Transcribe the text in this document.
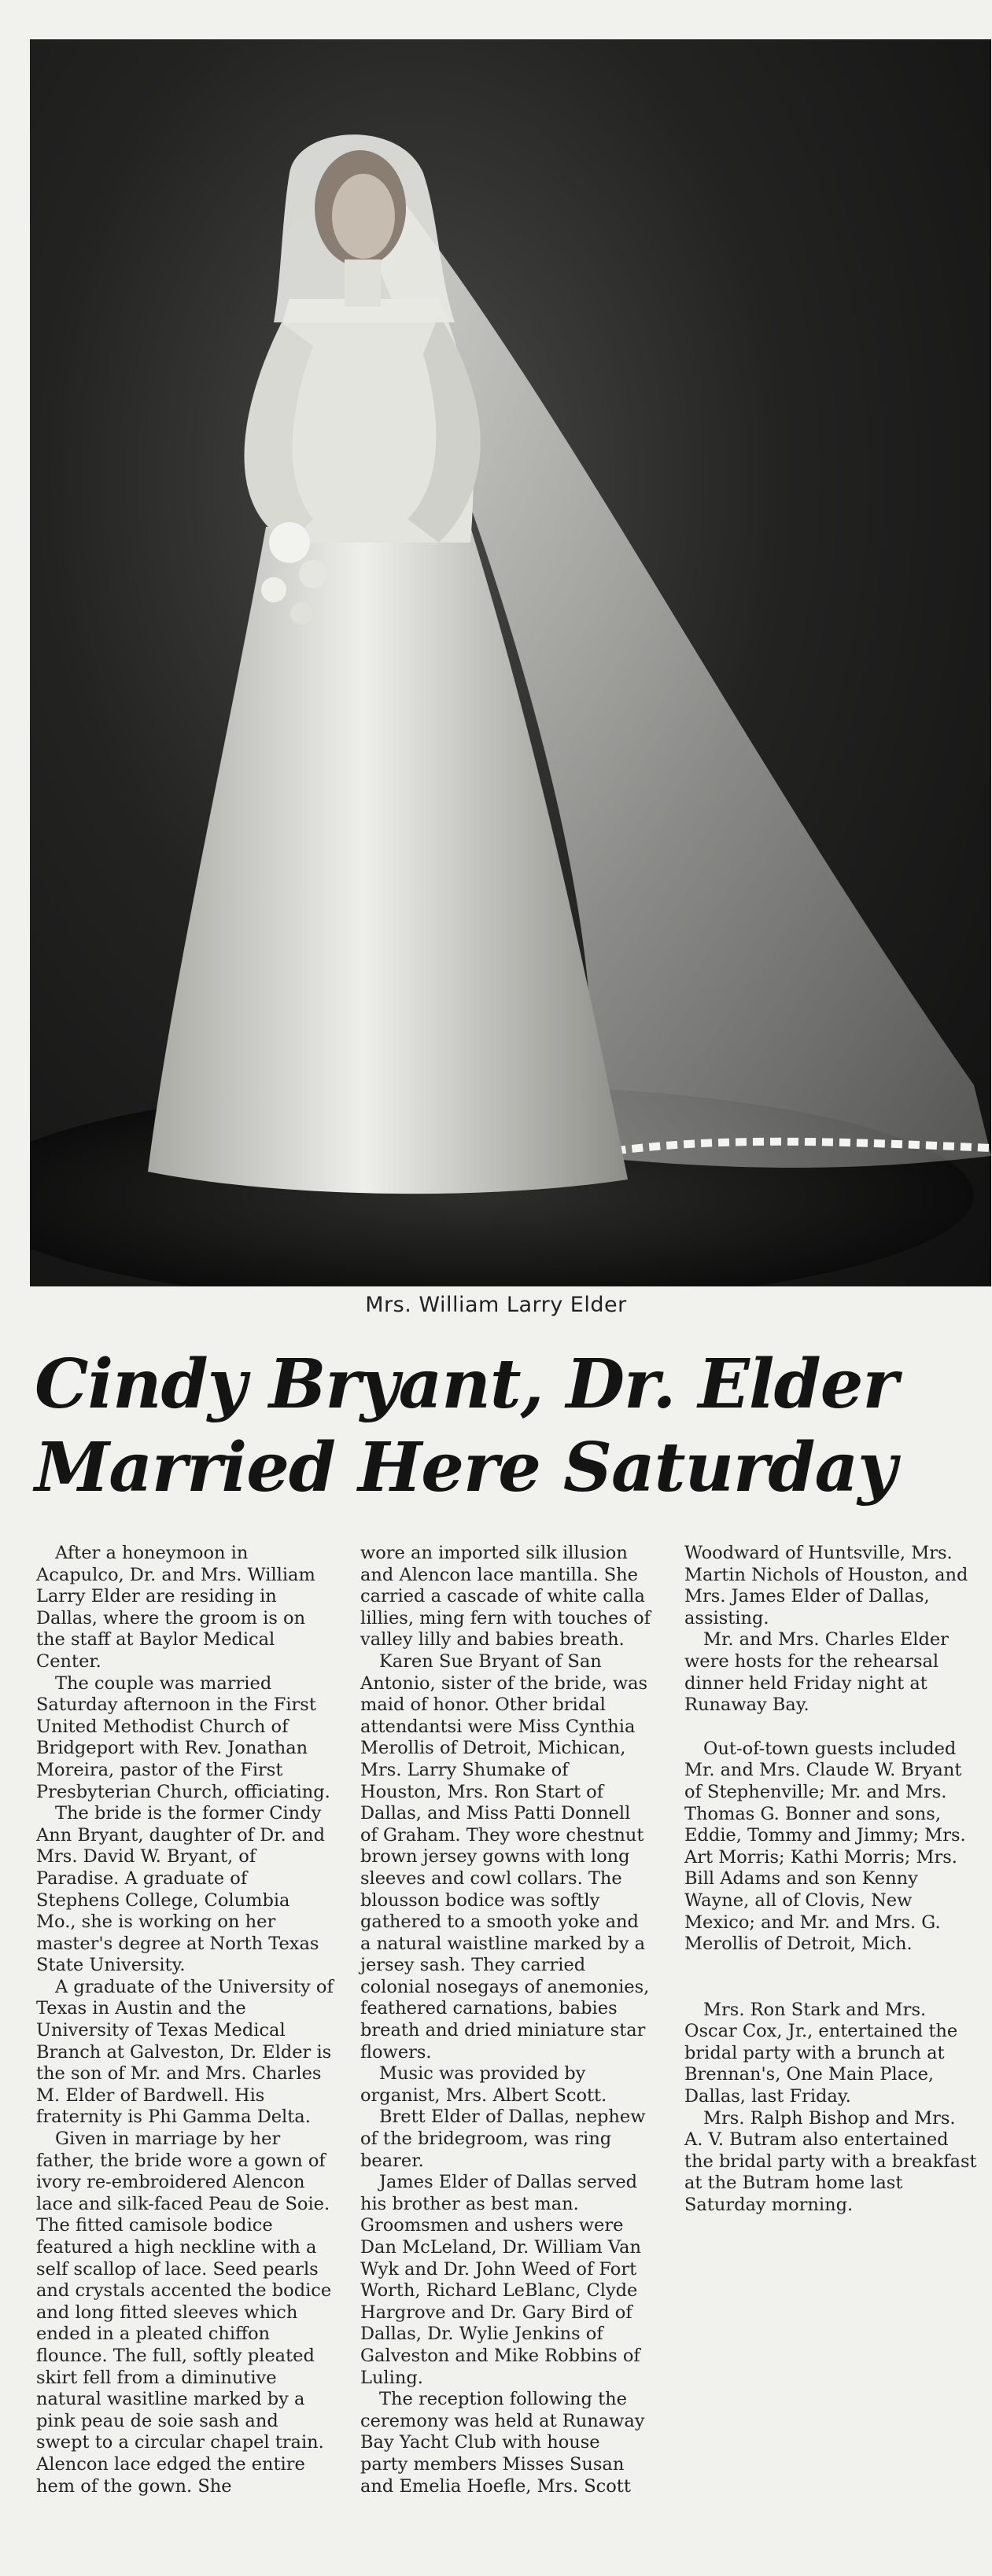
Mrs. William Larry Elder
Cindy Bryant, Dr. Elder
Married Here Saturday

After a honeymoon in Acapulco, Dr. and Mrs. William Larry Elder are residing in Dallas, where the groom is on the staff at Baylor Medical Center.

The couple was married Saturday afternoon in the First United Methodist Church of Bridgeport with Rev. Jonathan Moreira, pastor of the First Presbyterian Church, officiating.

The bride is the former Cindy Ann Bryant, daughter of Dr. and Mrs. David W. Bryant, of Paradise. A graduate of Stephens College, Columbia Mo., she is working on her master's degree at North Texas State University.

A graduate of the University of Texas in Austin and the University of Texas Medical Branch at Galveston, Dr. Elder is the son of Mr. and Mrs. Charles M. Elder of Bardwell. His fraternity is Phi Gamma Delta.

Given in marriage by her father, the bride wore a gown of ivory re-embroidered Alencon lace and silk-faced Peau de Soie. The fitted camisole bodice featured a high neckline with a self scallop of lace. Seed pearls and crystals accented the bodice and long fitted sleeves which ended in a pleated chiffon flounce. The full, softly pleated skirt fell from a diminutive natural wasitline marked by a pink peau de soie sash and swept to a circular chapel train. Alencon lace edged the entire hem of the gown. She

wore an imported silk illusion and Alencon lace mantilla. She carried a cascade of white calla lillies, ming fern with touches of valley lilly and babies breath.

Karen Sue Bryant of San Antonio, sister of the bride, was maid of honor. Other bridal attendantsi were Miss Cynthia Merollis of Detroit, Michican, Mrs. Larry Shumake of Houston, Mrs. Ron Start of Dallas, and Miss Patti Donnell of Graham. They wore chestnut brown jersey gowns with long sleeves and cowl collars. The blousson bodice was softly gathered to a smooth yoke and a natural waistline marked by a jersey sash. They carried colonial nosegays of anemonies, feathered carnations, babies breath and dried miniature star flowers.

Music was provided by organist, Mrs. Albert Scott.

Brett Elder of Dallas, nephew of the bridegroom, was ring bearer.

James Elder of Dallas served his brother as best man. Groomsmen and ushers were Dan McLeland, Dr. William Van Wyk and Dr. John Weed of Fort Worth, Richard LeBlanc, Clyde Hargrove and Dr. Gary Bird of Dallas, Dr. Wylie Jenkins of Galveston and Mike Robbins of Luling.

The reception following the ceremony was held at Runaway Bay Yacht Club with house party members Misses Susan and Emelia Hoefle, Mrs. Scott

Woodward of Huntsville, Mrs. Martin Nichols of Houston, and Mrs. James Elder of Dallas, assisting.

Mr. and Mrs. Charles Elder were hosts for the rehearsal dinner held Friday night at Runaway Bay.

Out-of-town guests included Mr. and Mrs. Claude W. Bryant of Stephenville; Mr. and Mrs. Thomas G. Bonner and sons, Eddie, Tommy and Jimmy; Mrs. Art Morris; Kathi Morris; Mrs. Bill Adams and son Kenny Wayne, all of Clovis, New Mexico; and Mr. and Mrs. G. Merollis of Detroit, Mich.

Mrs. Ron Stark and Mrs. Oscar Cox, Jr., entertained the bridal party with a brunch at Brennan's, One Main Place, Dallas, last Friday.

Mrs. Ralph Bishop and Mrs. A. V. Butram also entertained the bridal party with a breakfast at the Butram home last Saturday morning.
